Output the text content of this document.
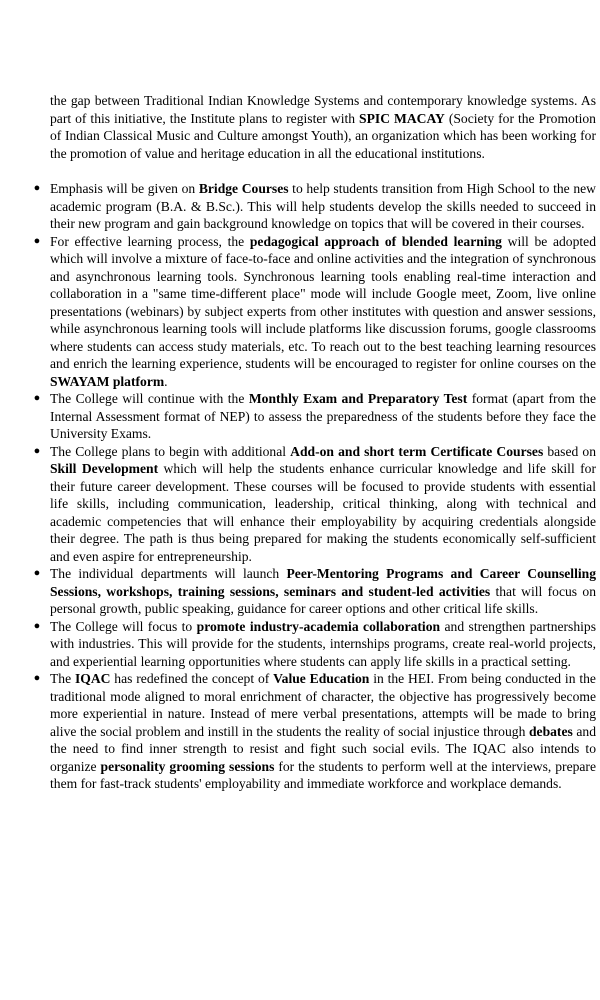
the gap between Traditional Indian Knowledge Systems and contemporary knowledge systems. As part of this initiative, the Institute plans to register with SPIC MACAY (Society for the Promotion of Indian Classical Music and Culture amongst Youth), an organization which has been working for the promotion of value and heritage education in all the educational institutions.

● Emphasis will be given on Bridge Courses to help students transition from High School to the new academic program (B.A. & B.Sc.). This will help students develop the skills needed to succeed in their new program and gain background knowledge on topics that will be covered in their courses.
● For effective learning process, the pedagogical approach of blended learning will be adopted which will involve a mixture of face-to-face and online activities and the integration of synchronous and asynchronous learning tools. Synchronous learning tools enabling real-time interaction and collaboration in a "same time-different place" mode will include Google meet, Zoom, live online presentations (webinars) by subject experts from other institutes with question and answer sessions, while asynchronous learning tools will include platforms like discussion forums, google classrooms where students can access study materials, etc. To reach out to the best teaching learning resources and enrich the learning experience, students will be encouraged to register for online courses on the SWAYAM platform.
● The College will continue with the Monthly Exam and Preparatory Test format (apart from the Internal Assessment format of NEP) to assess the preparedness of the students before they face the University Exams.
● The College plans to begin with additional Add-on and short term Certificate Courses based on Skill Development which will help the students enhance curricular knowledge and life skill for their future career development. These courses will be focused to provide students with essential life skills, including communication, leadership, critical thinking, along with technical and academic competencies that will enhance their employability by acquiring credentials alongside their degree. The path is thus being prepared for making the students economically self-sufficient and even aspire for entrepreneurship.
● The individual departments will launch Peer-Mentoring Programs and Career Counselling Sessions, workshops, training sessions, seminars and student-led activities that will focus on personal growth, public speaking, guidance for career options and other critical life skills.
● The College will focus to promote industry-academia collaboration and strengthen partnerships with industries. This will provide for the students, internships programs, create real-world projects, and experiential learning opportunities where students can apply life skills in a practical setting.
● The IQAC has redefined the concept of Value Education in the HEI. From being conducted in the traditional mode aligned to moral enrichment of character, the objective has progressively become more experiential in nature. Instead of mere verbal presentations, attempts will be made to bring alive the social problem and instill in the students the reality of social injustice through debates and the need to find inner strength to resist and fight such social evils. The IQAC also intends to organize personality grooming sessions for the students to perform well at the interviews, prepare them for fast-track students' employability and immediate workforce and workplace demands.
